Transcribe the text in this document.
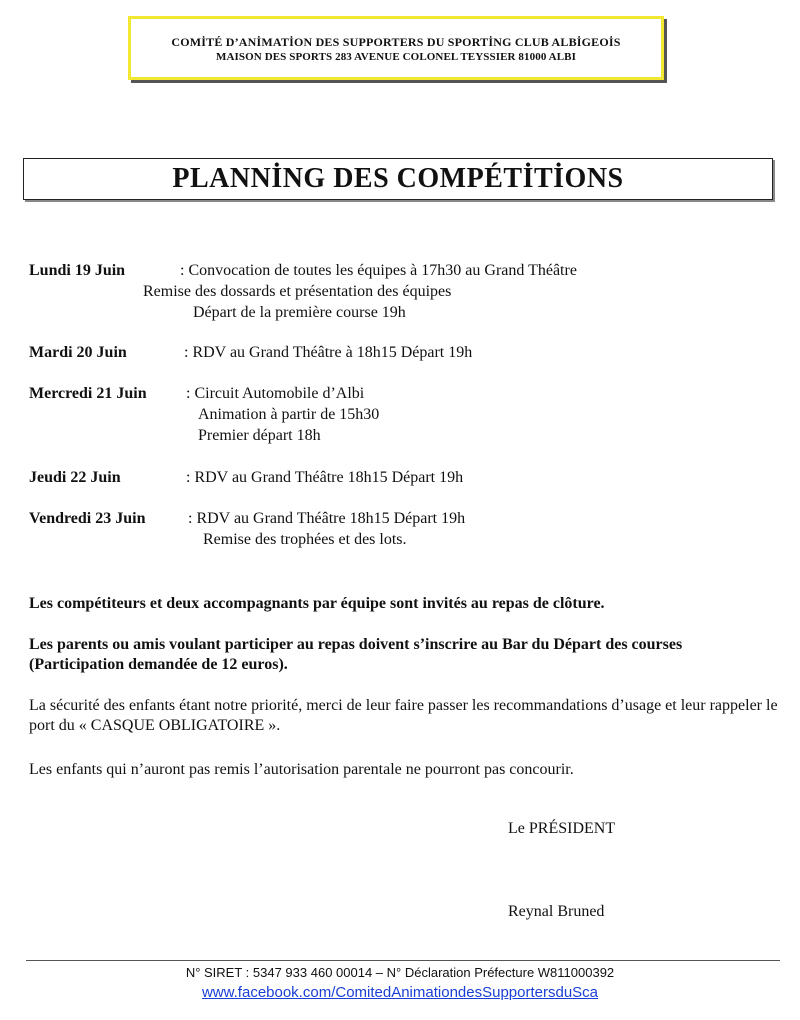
COMİTÉ D’ANİMATİON DES SUPPORTERS DU SPORTİNG CLUB ALBİGEOİS
MAISON DES SPORTS 283 AVENUE COLONEL TEYSSIER 81000 ALBI
PLANNİNG DES COMPÉTİTİONS
Lundi 19 Juin	: Convocation de toutes les équipes à 17h30 au Grand Théâtre
Remise des dossards et présentation des équipes
Départ de la première course 19h
Mardi 20 Juin	: RDV au Grand Théâtre à 18h15 Départ 19h
Mercredi 21 Juin : Circuit Automobile d’Albi
Animation à partir de 15h30
Premier départ 18h
Jeudi 22 Juin	: RDV au Grand Théâtre 18h15 Départ 19h
Vendredi 23 Juin	: RDV au Grand Théâtre 18h15 Départ 19h
Remise des trophées et des lots.
Les compétiteurs et deux accompagnants par équipe sont invités au repas de clôture.
Les parents ou amis voulant participer au repas doivent s’inscrire au Bar du Départ des courses (Participation demandée de 12 euros).
La sécurité des enfants étant notre priorité, merci de leur faire passer les recommandations d’usage et leur rappeler le port du « CASQUE OBLIGATOIRE ».
Les enfants qui n’auront pas remis l’autorisation parentale ne pourront pas concourir.
Le PRÉSIDENT
Reynal Bruned
N° SIRET : 5347 933 460 00014 – N° Déclaration Préfecture W811000392
www.facebook.com/ComitedAnimationdesSupportersduSca
